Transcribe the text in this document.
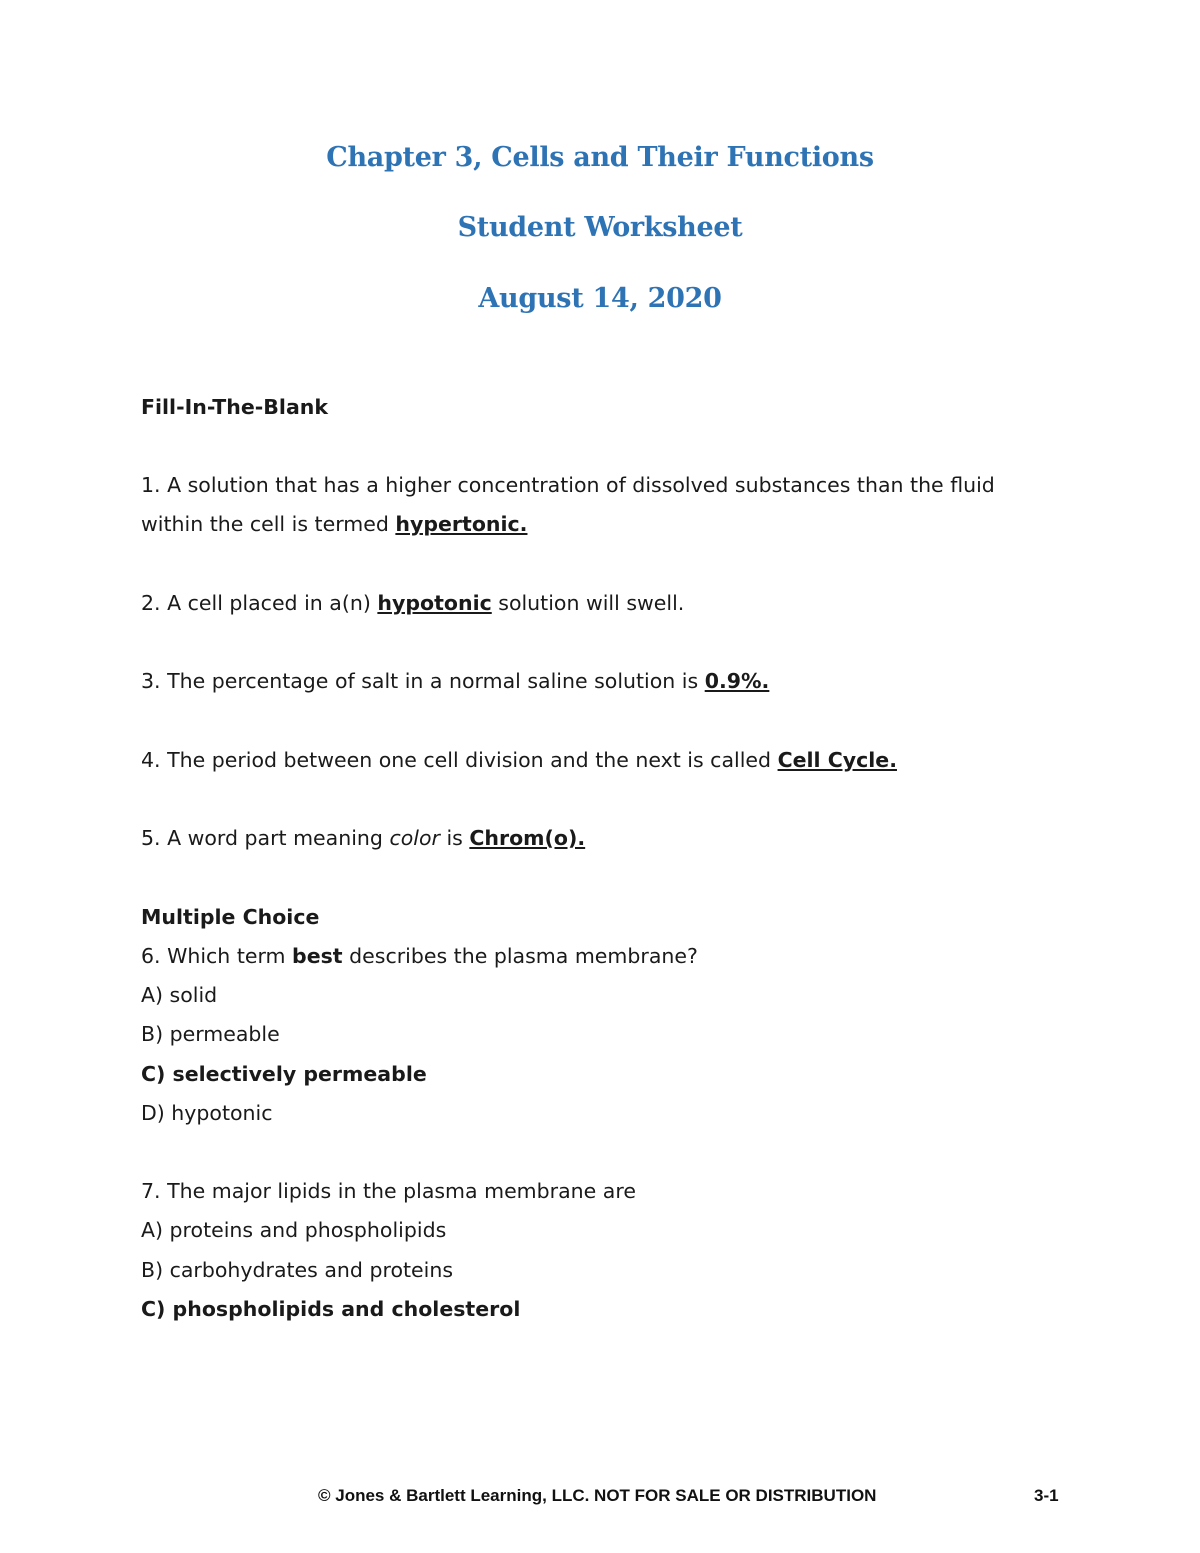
Chapter 3, Cells and Their Functions
Student Worksheet
August 14, 2020
Fill-In-The-Blank
1. A solution that has a higher concentration of dissolved substances than the fluid
within the cell is termed hypertonic.
2. A cell placed in a(n) hypotonic solution will swell.
3. The percentage of salt in a normal saline solution is 0.9%.
4. The period between one cell division and the next is called Cell Cycle.
5. A word part meaning color is Chrom(o).
Multiple Choice
6. Which term best describes the plasma membrane?
A) solid
B) permeable
C) selectively permeable
D) hypotonic
7. The major lipids in the plasma membrane are
A) proteins and phospholipids
B) carbohydrates and proteins
C) phospholipids and cholesterol
© Jones & Bartlett Learning, LLC. NOT FOR SALE OR DISTRIBUTION	3-1
